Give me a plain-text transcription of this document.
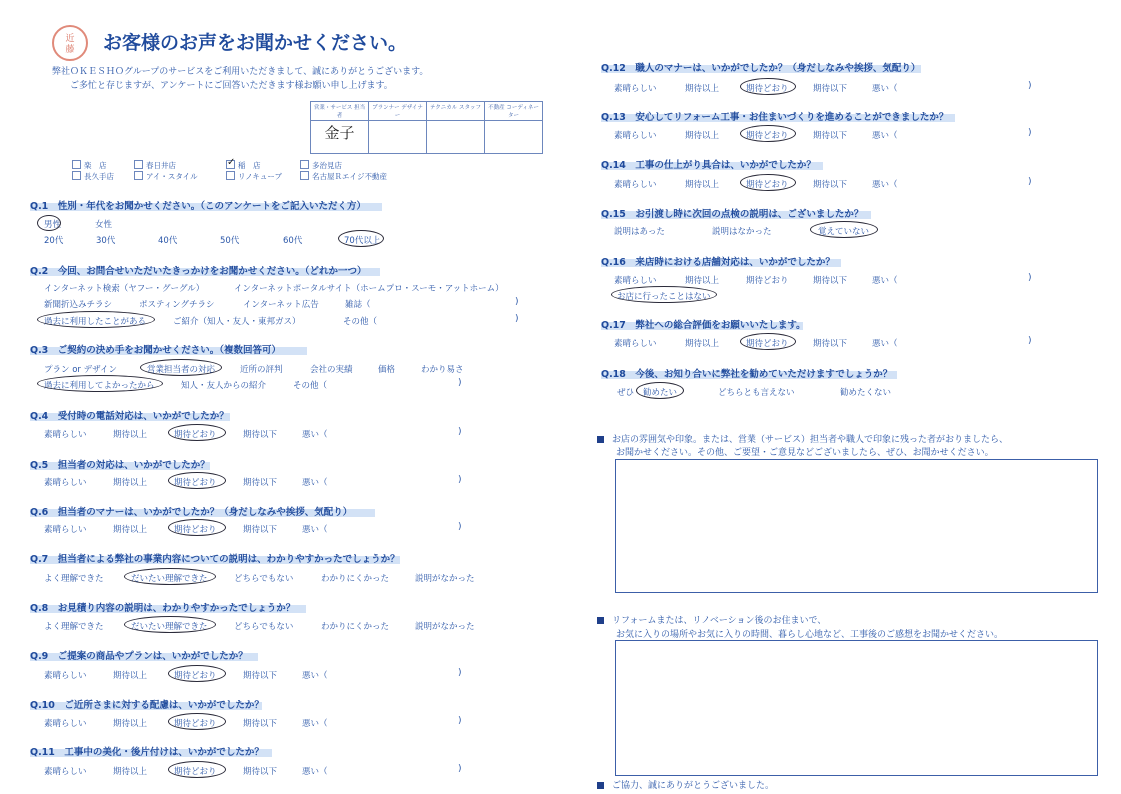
近
藤 お客様のお声をお聞かせください。
弊社ＯＫＥＳＨＯグループのサービスをご利用いただきまして、誠にありがとうございます。
ご多忙と存じますが、アンケートにご回答いただきます様お願い申し上げます。
営業・サービス 担当者	プランナー デザイナー	テクニカル スタッフ	不動産 コーディネーター
金子			
楽　店	春日井店	✓ 稲　店	多治見店
長久手店	アイ・スタイル	リノキューブ	名古屋Ｒエイジ不動産
Q.1　性別・年代をお聞かせください。（このアンケートをご記入いただく方）
男性	女性
20代	30代	40代	50代	60代	70代以上
Q.2　今回、お問合せいただいたきっかけをお聞かせください。（どれか一つ）
インターネット検索（ヤフー・グーグル）	インターネットポータルサイト（ホームプロ・スーモ・アットホーム）
新聞折込みチラシ	ポスティングチラシ	インターネット広告	雑誌（	)
過去に利用したことがある	ご紹介（知人・友人・東邦ガス）	その他（	)
Q.3　ご契約の決め手をお聞かせください。（複数回答可）
プラン or デザイン	営業担当者の対応	近所の評判	会社の実績	価格	わかり易さ
過去に利用してよかったから	知人・友人からの紹介	その他（	)
Q.4　受付時の電話対応は、いかがでしたか？
素晴らしい	期待以上	期待どおり	期待以下	悪い（	)
Q.5　担当者の対応は、いかがでしたか？
素晴らしい	期待以上	期待どおり	期待以下	悪い（	)
Q.6　担当者のマナーは、いかがでしたか？（身だしなみや挨拶、気配り）
素晴らしい	期待以上	期待どおり	期待以下	悪い（	)
Q.7　担当者による弊社の事業内容についての説明は、わかりやすかったでしょうか？
よく理解できた	だいたい理解できた	どちらでもない	わかりにくかった	説明がなかった
Q.8　お見積り内容の説明は、わかりやすかったでしょうか？
よく理解できた	だいたい理解できた	どちらでもない	わかりにくかった	説明がなかった
Q.9　ご提案の商品やプランは、いかがでしたか？
素晴らしい	期待以上	期待どおり	期待以下	悪い（	)
Q.10　ご近所さまに対する配慮は、いかがでしたか？
素晴らしい	期待以上	期待どおり	期待以下	悪い（	)
Q.11　工事中の美化・後片付けは、いかがでしたか？
素晴らしい	期待以上	期待どおり	期待以下	悪い（	)
Q.12　職人のマナーは、いかがでしたか？（身だしなみや挨拶、気配り）
素晴らしい	期待以上	期待どおり	期待以下	悪い（	)
Q.13　安心してリフォーム工事・お住まいづくりを進めることができましたか？
素晴らしい	期待以上	期待どおり	期待以下	悪い（	)
Q.14　工事の仕上がり具合は、いかがでしたか？
素晴らしい	期待以上	期待どおり	期待以下	悪い（	)
Q.15　お引渡し時に次回の点検の説明は、ございましたか？
説明はあった	説明はなかった	覚えていない
Q.16　来店時における店舗対応は、いかがでしたか？
素晴らしい	期待以上	期待どおり	期待以下	悪い（	)
お店に行ったことはない
Q.17　弊社への総合評価をお願いいたします。
素晴らしい	期待以上	期待どおり	期待以下	悪い（	)
Q.18　今後、お知り合いに弊社を勧めていただけますでしょうか？
ぜひ 勧めたい	どちらとも言えない	勧めたくない
お店の雰囲気や印象。または、営業（サービス）担当者や職人で印象に残った者がおりましたら、
お聞かせください。その他、ご要望・ご意見などございましたら、ぜひ、お聞かせください。
リフォームまたは、リノベーション後のお住まいで、
お気に入りの場所やお気に入りの時間、暮らし心地など、工事後のご感想をお聞かせください。
ご協力、誠にありがとうございました。
